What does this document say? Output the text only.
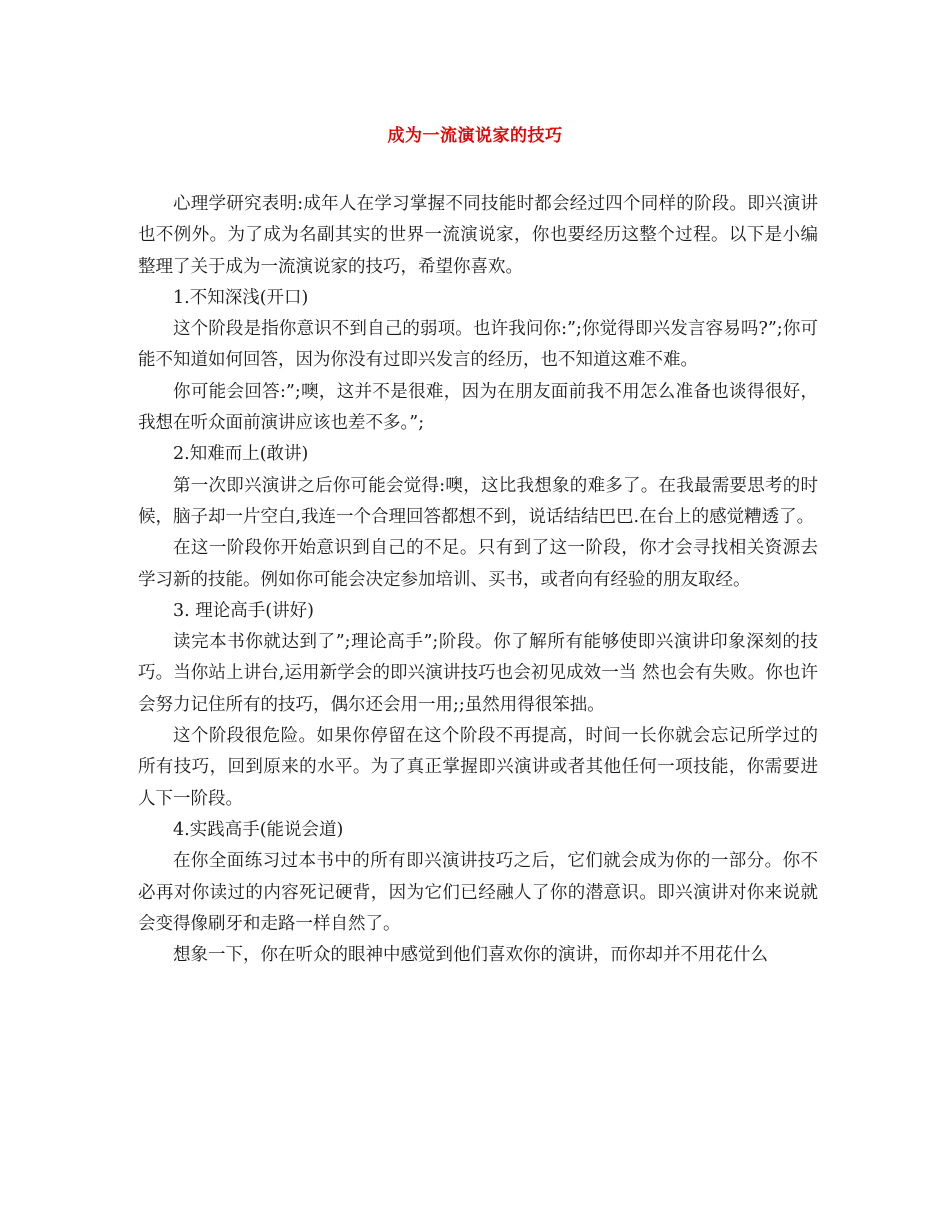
成为一流演说家的技巧

心理学研究表明:成年人在学习掌握不同技能时都会经过四个同样的阶段。即兴演讲也不例外。为了成为名副其实的世界一流演说家，你也要经历这整个过程。以下是小编整理了关于成为一流演说家的技巧，希望你喜欢。

1.不知深浅(开口)

这个阶段是指你意识不到自己的弱项。也许我问你:”;你觉得即兴发言容易吗?”;你可能不知道如何回答，因为你没有过即兴发言的经历，也不知道这难不难。

你可能会回答:”;噢，这并不是很难，因为在朋友面前我不用怎么准备也谈得很好，我想在听众面前演讲应该也差不多。”;

2.知难而上(敢讲)

第一次即兴演讲之后你可能会觉得:噢，这比我想象的难多了。在我最需要思考的时候，脑子却一片空白,我连一个合理回答都想不到，说话结结巴巴.在台上的感觉糟透了。

在这一阶段你开始意识到自己的不足。只有到了这一阶段，你才会寻找相关资源去学习新的技能。例如你可能会决定参加培训、买书，或者向有经验的朋友取经。

3. 理论高手(讲好)

读完本书你就达到了”;理论高手”;阶段。你了解所有能够使即兴演讲印象深刻的技巧。当你站上讲台,运用新学会的即兴演讲技巧也会初见成效一当 然也会有失败。你也许会努力记住所有的技巧，偶尔还会用一用;;虽然用得很笨拙。

这个阶段很危险。如果你停留在这个阶段不再提高，时间一长你就会忘记所学过的所有技巧，回到原来的水平。为了真正掌握即兴演讲或者其他任何一项技能，你需要进人下一阶段。

4.实践高手(能说会道)

在你全面练习过本书中的所有即兴演讲技巧之后，它们就会成为你的一部分。你不必再对你读过的内容死记硬背，因为它们已经融人了你的潜意识。即兴演讲对你来说就会变得像刷牙和走路一样自然了。

想象一下，你在听众的眼神中感觉到他们喜欢你的演讲，而你却并不用花什么
